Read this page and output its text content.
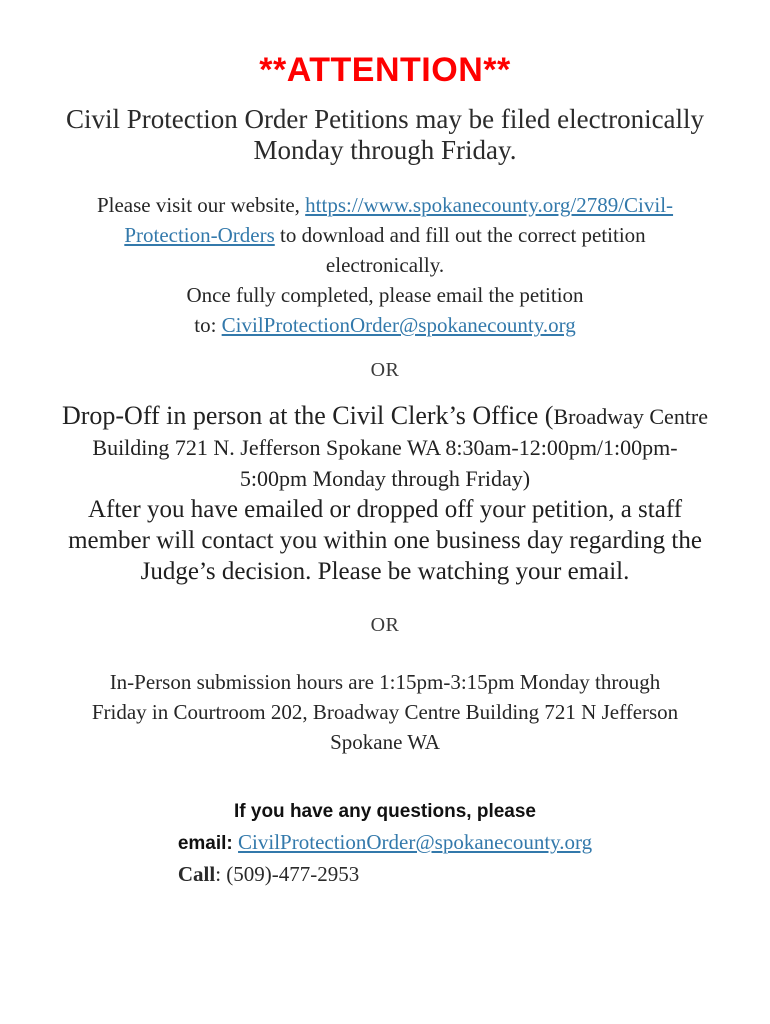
**ATTENTION**
Civil Protection Order Petitions may be filed electronically
Monday through Friday.
Please visit our website, https://www.spokanecounty.org/2789/Civil-
Protection-Orders to download and fill out the correct petition
electronically.
Once fully completed, please email the petition
to: CivilProtectionOrder@spokanecounty.org
OR
Drop-Off in person at the Civil Clerk’s Office (Broadway Centre
Building 721 N. Jefferson Spokane WA 8:30am-12:00pm/1:00pm-
5:00pm Monday through Friday)
After you have emailed or dropped off your petition, a staff
member will contact you within one business day regarding the
Judge’s decision. Please be watching your email.
OR
In-Person submission hours are 1:15pm-3:15pm Monday through
Friday in Courtroom 202, Broadway Centre Building 721 N Jefferson
Spokane WA
If you have any questions, please
email: CivilProtectionOrder@spokanecounty.org
Call: (509)-477-2953
